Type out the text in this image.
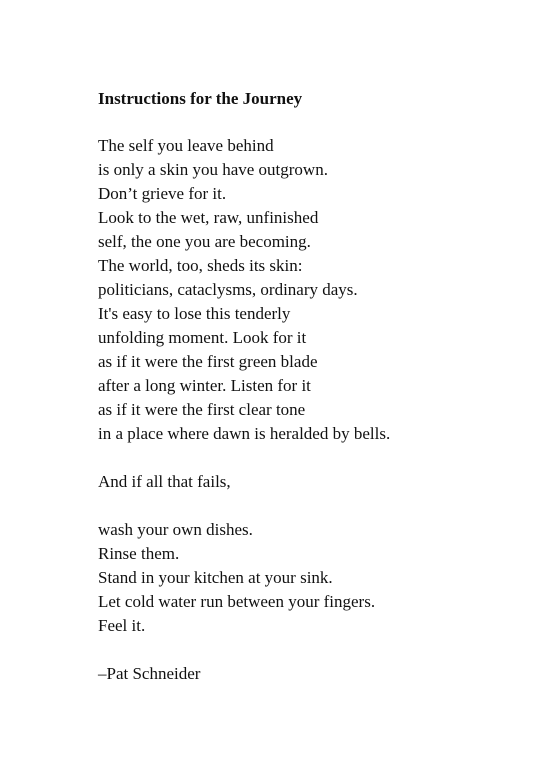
Instructions for the Journey
The self you leave behind
is only a skin you have outgrown.
Don’t grieve for it.
Look to the wet, raw, unfinished
self, the one you are becoming.
The world, too, sheds its skin:
politicians, cataclysms, ordinary days.
It's easy to lose this tenderly
unfolding moment. Look for it
as if it were the first green blade
after a long winter. Listen for it
as if it were the first clear tone
in a place where dawn is heralded by bells.
And if all that fails,
wash your own dishes.
Rinse them.
Stand in your kitchen at your sink.
Let cold water run between your fingers.
Feel it.
–Pat Schneider
